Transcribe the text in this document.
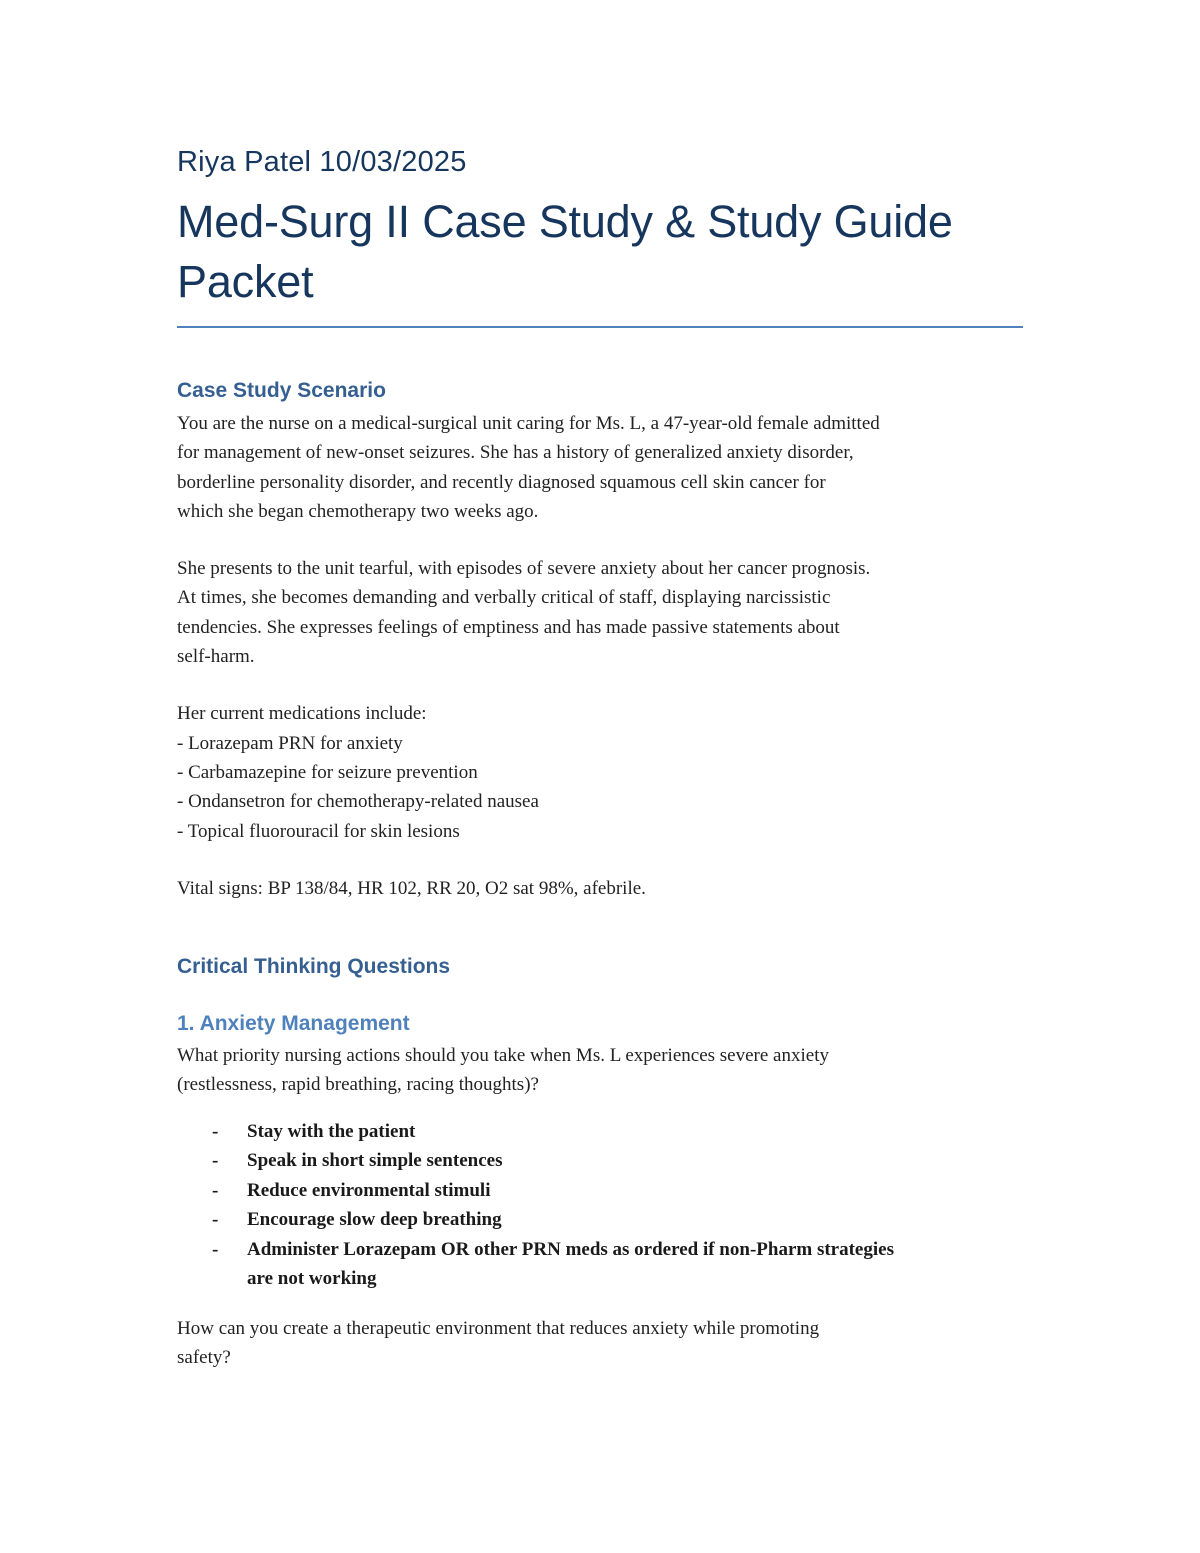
Riya Patel 10/03/2025

Med-Surg II Case Study & Study Guide
Packet
Case Study Scenario

You are the nurse on a medical-surgical unit caring for Ms. L, a 47-year-old female admitted
for management of new-onset seizures. She has a history of generalized anxiety disorder,
borderline personality disorder, and recently diagnosed squamous cell skin cancer for
which she began chemotherapy two weeks ago.

She presents to the unit tearful, with episodes of severe anxiety about her cancer prognosis.
At times, she becomes demanding and verbally critical of staff, displaying narcissistic
tendencies. She expresses feelings of emptiness and has made passive statements about
self-harm.

Her current medications include:
- Lorazepam PRN for anxiety
- Carbamazepine for seizure prevention
- Ondansetron for chemotherapy-related nausea
- Topical fluorouracil for skin lesions

Vital signs: BP 138/84, HR 102, RR 20, O2 sat 98%, afebrile.

Critical Thinking Questions
1. Anxiety Management

What priority nursing actions should you take when Ms. L experiences severe anxiety
(restlessness, rapid breathing, racing thoughts)?

- Stay with the patient
- Speak in short simple sentences
- Reduce environmental stimuli
- Encourage slow deep breathing
- Administer Lorazepam OR other PRN meds as ordered if non-Pharm strategies
are not working

How can you create a therapeutic environment that reduces anxiety while promoting
safety?
